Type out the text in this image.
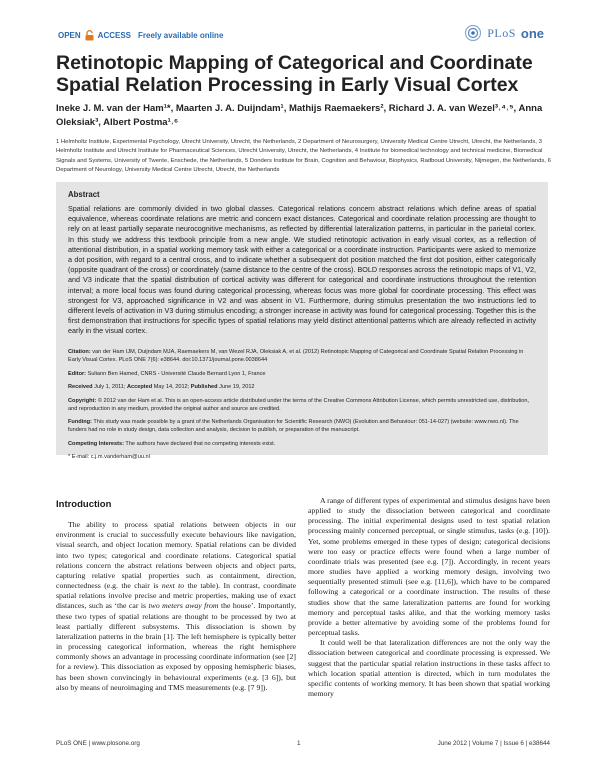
OPEN ACCESS Freely available online	PLoS one
Retinotopic Mapping of Categorical and Coordinate Spatial Relation Processing in Early Visual Cortex
Ineke J. M. van der Ham¹*, Maarten J. A. Duijndam¹, Mathijs Raemaekers², Richard J. A. van Wezel³˒⁴˒⁵, Anna Oleksiak³, Albert Postma¹˒⁶
1 Helmholtz Institute, Experimental Psychology, Utrecht University, Utrecht, the Netherlands, 2 Department of Neurosurgery, University Medical Centre Utrecht, Utrecht, the Netherlands, 3 Helmholtz Institute and Utrecht Institute for Pharmaceutical Sciences, Utrecht University, Utrecht, the Netherlands, 4 Institute for biomedical technology and technical medicine, Biomedical Signals and Systems, University of Twente, Enschede, the Netherlands, 5 Donders Institute for Brain, Cognition and Behaviour, Biophysics, Radboud University, Nijmegen, the Netherlands, 6 Department of Neurology, University Medical Centre Utrecht, Utrecht, the Netherlands
Abstract
Spatial relations are commonly divided in two global classes. Categorical relations concern abstract relations which define areas of spatial equivalence, whereas coordinate relations are metric and concern exact distances. Categorical and coordinate relation processing are thought to rely on at least partially separate neurocognitive mechanisms, as reflected by differential lateralization patterns, in particular in the parietal cortex. In this study we address this textbook principle from a new angle. We studied retinotopic activation in early visual cortex, as a reflection of attentional distribution, in a spatial working memory task with either a categorical or a coordinate instruction. Participants were asked to memorize a dot position, with regard to a central cross, and to indicate whether a subsequent dot position matched the first dot position, either categorically (opposite quadrant of the cross) or coordinately (same distance to the centre of the cross). BOLD responses across the retinotopic maps of V1, V2, and V3 indicate that the spatial distribution of cortical activity was different for categorical and coordinate instructions throughout the retention interval; a more local focus was found during categorical processing, whereas focus was more global for coordinate processing. This effect was strongest for V3, approached significance in V2 and was absent in V1. Furthermore, during stimulus presentation the two instructions led to different levels of activation in V3 during stimulus encoding; a stronger increase in activity was found for categorical processing. Together this is the first demonstration that instructions for specific types of spatial relations may yield distinct attentional patterns which are already reflected in activity early in the visual cortex.

Citation: van der Ham IJM, Duijndam MJA, Raemaekers M, van Wezel RJA, Oleksiak A, et al. (2012) Retinotopic Mapping of Categorical and Coordinate Spatial Relation Processing in Early Visual Cortex. PLoS ONE 7(6): e38644. doi:10.1371/journal.pone.0038644

Editor: Suliann Ben Hamed, CNRS - Université Claude Bernard Lyon 1, France

Received July 1, 2011; Accepted May 14, 2012; Published June 19, 2012

Copyright: © 2012 van der Ham et al. This is an open-access article distributed under the terms of the Creative Commons Attribution License, which permits unrestricted use, distribution, and reproduction in any medium, provided the original author and source are credited.

Funding: This study was made possible by a grant of the Netherlands Organisation for Scientific Research (NWO) (Evolution and Behaviour: 051-14-027) (website: www.nwo.nl). The funders had no role in study design, data collection and analysis, decision to publish, or preparation of the manuscript.

Competing Interests: The authors have declared that no competing interests exist.

* E-mail: c.j.m.vanderham@uu.nl

Introduction
The ability to process spatial relations between objects in our environment is crucial to successfully execute behaviours like navigation, visual search, and object location memory. Spatial relations can be divided into two types; categorical and coordinate relations. Categorical spatial relations concern the abstract relations between objects and object parts, capturing relative spatial properties such as containment, direction, connectedness (e.g. the chair is next to the table). In contrast, coordinate spatial relations involve precise and metric properties, making use of exact distances, such as ‘the car is two meters away from the house’. Importantly, these two types of spatial relations are thought to be processed by two at least partially different subsystems. This dissociation is shown by lateralization patterns in the brain [1]. The left hemisphere is typically better in processing categorical information, whereas the right hemisphere commonly shows an advantage in processing coordinate information (see [2] for a review). This dissociation as exposed by opposing hemispheric biases, has been shown convincingly in behavioural experiments (e.g. [3 6]), but also by means of neuroimaging and TMS measurements (e.g. [7 9]).
A range of different types of experimental and stimulus designs have been applied to study the dissociation between categorical and coordinate processing. The initial experimental designs used to test spatial relation processing mainly concerned perceptual, or single stimulus, tasks (e.g. [10]). Yet, some problems emerged in these types of design; categorical decisions were too easy or practice effects were found when a large number of coordinate trials was presented (see e.g. [7]). Accordingly, in recent years more studies have applied a working memory design, involving two sequentially presented stimuli (see e.g. [11,6]), which have to be compared following a categorical or a coordinate instruction. The results of these studies show that the same lateralization patterns are found for working memory and perceptual tasks alike, and that the working memory tasks provide a better alternative by avoiding some of the problems found for perceptual tasks.
It could well be that lateralization differences are not the only way the dissociation between categorical and coordinate processing is expressed. We suggest that the particular spatial relation instructions in these tasks affect to which location spatial attention is directed, which in turn modulates the specific contents of working memory. It has been shown that spatial working memory
PLoS ONE | www.plosone.org	1	June 2012 | Volume 7 | Issue 6 | e38644
